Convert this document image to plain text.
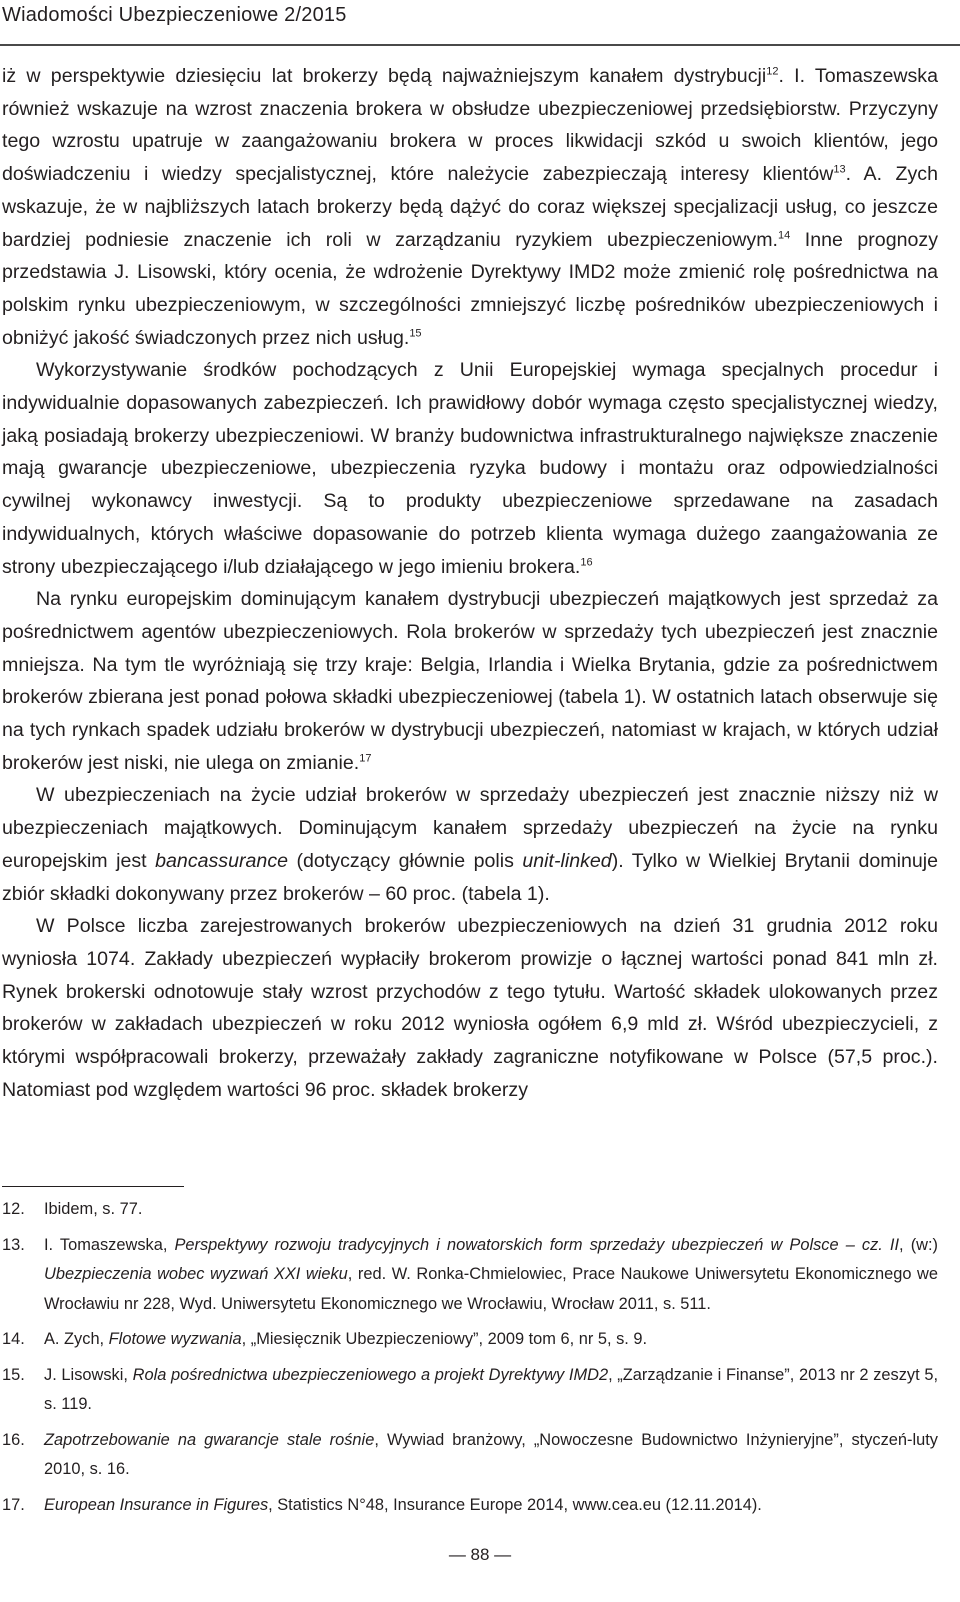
Wiadomości Ubezpieczeniowe 2/2015

iż w perspektywie dziesięciu lat brokerzy będą najważniejszym kanałem dystrybucji$^{12}$. I. Tomaszewska również wskazuje na wzrost znaczenia brokera w obsłudze ubezpieczeniowej przedsiębiorstw. Przyczyny tego wzrostu upatruje w zaangażowaniu brokera w proces likwidacji szkód u swoich klientów, jego doświadczeniu i wiedzy specjalistycznej, które należycie zabezpieczają interesy klientów$^{13}$. A. Zych wskazuje, że w najbliższych latach brokerzy będą dążyć do coraz większej specjalizacji usług, co jeszcze bardziej podniesie znaczenie ich roli w zarządzaniu ryzykiem ubezpieczeniowym.$^{14}$ Inne prognozy przedstawia J. Lisowski, który ocenia, że wdrożenie Dyrektywy IMD2 może zmienić rolę pośrednictwa na polskim rynku ubezpieczeniowym, w szczególności zmniejszyć liczbę pośredników ubezpieczeniowych i obniżyć jakość świadczonych przez nich usług.$^{15}$

Wykorzystywanie środków pochodzących z Unii Europejskiej wymaga specjalnych procedur i indywidualnie dopasowanych zabezpieczeń. Ich prawidłowy dobór wymaga często specjalistycznej wiedzy, jaką posiadają brokerzy ubezpieczeniowi. W branży budownictwa infrastrukturalnego największe znaczenie mają gwarancje ubezpieczeniowe, ubezpieczenia ryzyka budowy i montażu oraz odpowiedzialności cywilnej wykonawcy inwestycji. Są to produkty ubezpieczeniowe sprzedawane na zasadach indywidualnych, których właściwe dopasowanie do potrzeb klienta wymaga dużego zaangażowania ze strony ubezpieczającego i/lub działającego w jego imieniu brokera.$^{16}$

Na rynku europejskim dominującym kanałem dystrybucji ubezpieczeń majątkowych jest sprzedaż za pośrednictwem agentów ubezpieczeniowych. Rola brokerów w sprzedaży tych ubezpieczeń jest znacznie mniejsza. Na tym tle wyróżniają się trzy kraje: Belgia, Irlandia i Wielka Brytania, gdzie za pośrednictwem brokerów zbierana jest ponad połowa składki ubezpieczeniowej (tabela 1). W ostatnich latach obserwuje się na tych rynkach spadek udziału brokerów w dystrybucji ubezpieczeń, natomiast w krajach, w których udział brokerów jest niski, nie ulega on zmianie.$^{17}$

W ubezpieczeniach na życie udział brokerów w sprzedaży ubezpieczeń jest znacznie niższy niż w ubezpieczeniach majątkowych. Dominującym kanałem sprzedaży ubezpieczeń na życie na rynku europejskim jest bancassurance (dotyczący głównie polis unit-linked). Tylko w Wielkiej Brytanii dominuje zbiór składki dokonywany przez brokerów – 60 proc. (tabela 1).

W Polsce liczba zarejestrowanych brokerów ubezpieczeniowych na dzień 31 grudnia 2012 roku wyniosła 1074. Zakłady ubezpieczeń wypłaciły brokerom prowizje o łącznej wartości ponad 841 mln zł. Rynek brokerski odnotowuje stały wzrost przychodów z tego tytułu. Wartość składek ulokowanych przez brokerów w zakładach ubezpieczeń w roku 2012 wyniosła ogółem 6,9 mld zł. Wśród ubezpieczycieli, z którymi współpracowali brokerzy, przeważały zakłady zagraniczne notyfikowane w Polsce (57,5 proc.). Natomiast pod względem wartości 96 proc. składek brokerzy

12.	Ibidem, s. 77.
13.	I. Tomaszewska, Perspektywy rozwoju tradycyjnych i nowatorskich form sprzedaży ubezpieczeń w Polsce – cz. II, (w:) Ubezpieczenia wobec wyzwań XXI wieku, red. W. Ronka-Chmielowiec, Prace Naukowe Uniwersytetu Ekonomicznego we Wrocławiu nr 228, Wyd. Uniwersytetu Ekonomicznego we Wrocławiu, Wrocław 2011, s. 511.
14.	A. Zych, Flotowe wyzwania, „Miesięcznik Ubezpieczeniowy”, 2009 tom 6, nr 5, s. 9.
15.	J. Lisowski, Rola pośrednictwa ubezpieczeniowego a projekt Dyrektywy IMD2, „Zarządzanie i Finanse”, 2013 nr 2 zeszyt 5, s. 119.
16.	Zapotrzebowanie na gwarancje stale rośnie, Wywiad branżowy, „Nowoczesne Budownictwo Inżynieryjne”, styczeń-luty 2010, s. 16.
17.	European Insurance in Figures, Statistics N°48, Insurance Europe 2014, www.cea.eu (12.11.2014).
— 88 —
